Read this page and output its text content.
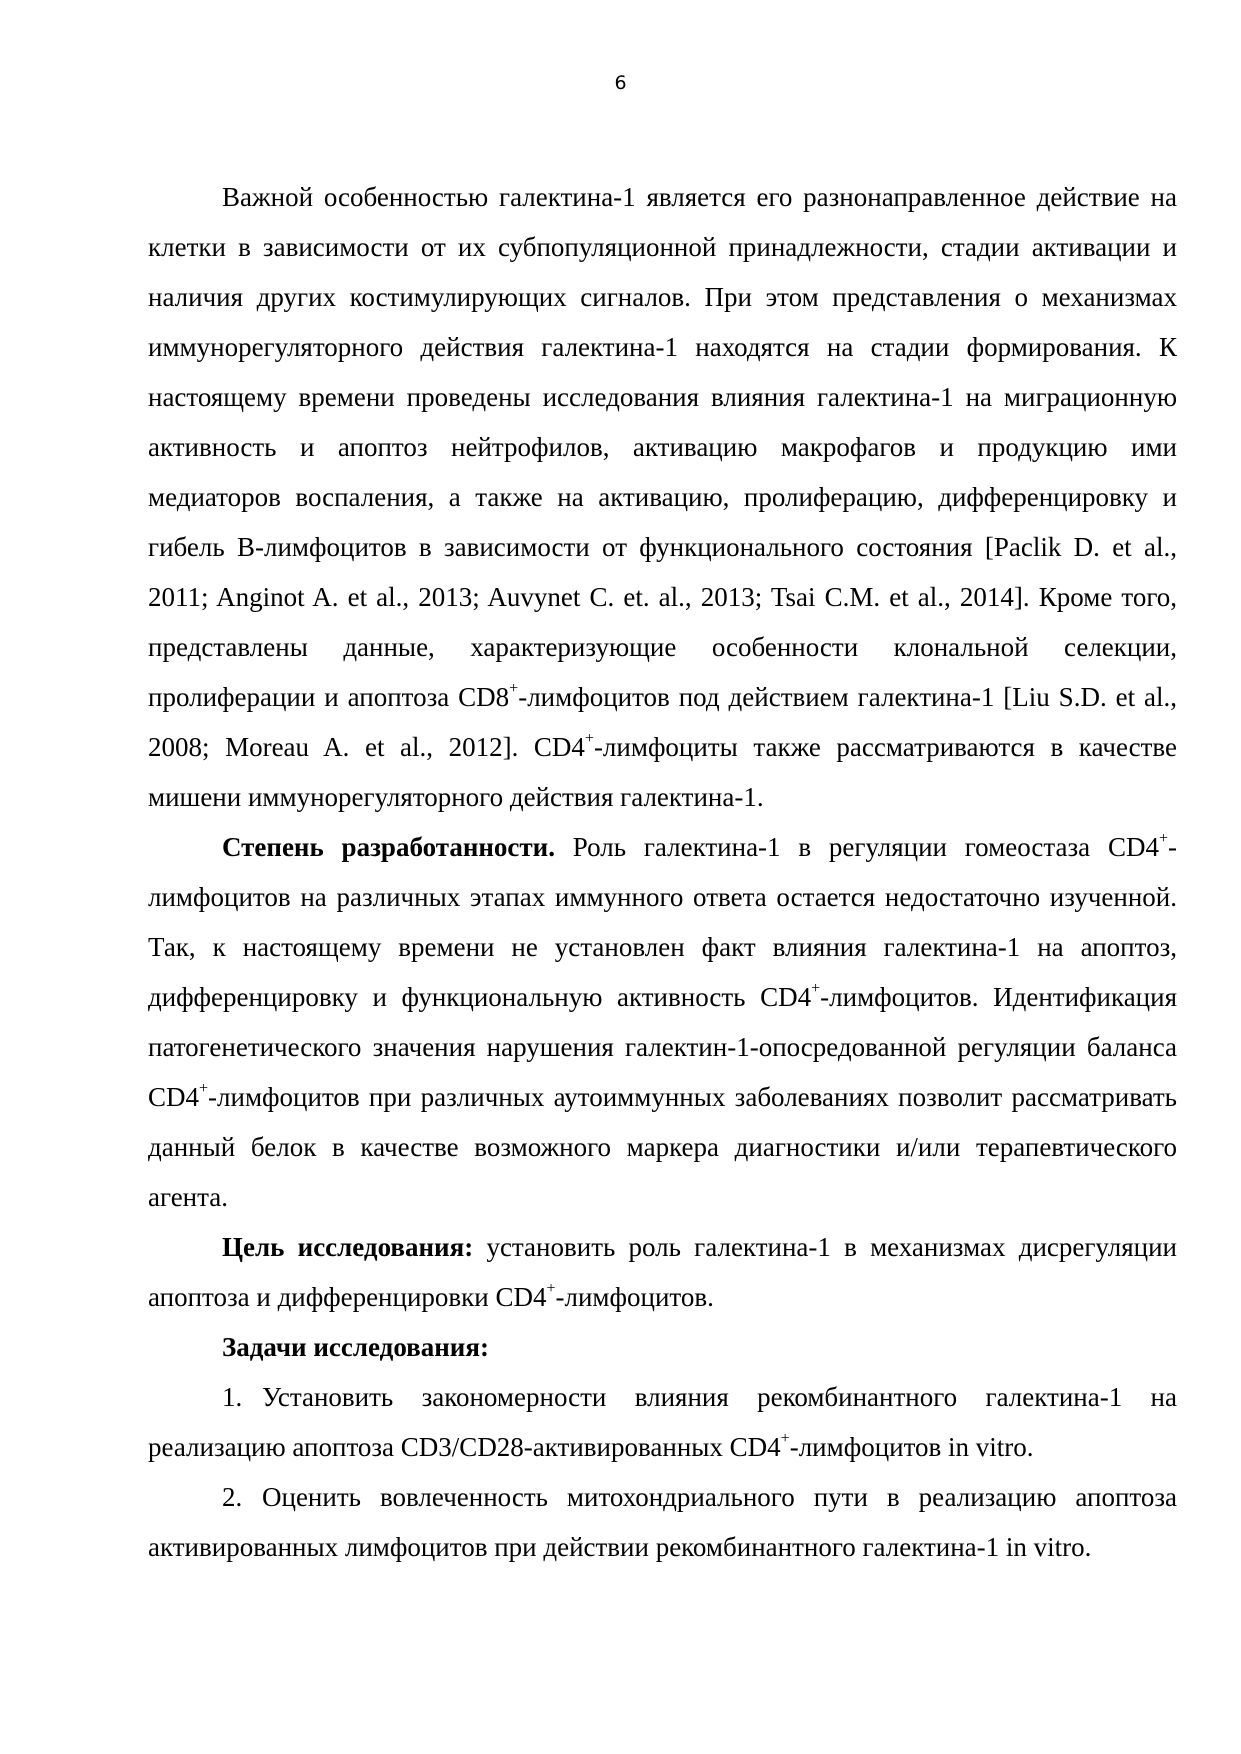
6

Важной особенностью галектина-1 является его разнонаправленное действие на клетки в зависимости от их субпопуляционной принадлежности, стадии активации и наличия других костимулирующих сигналов. При этом представления о механизмах иммунорегуляторного действия галектина-1 находятся на стадии формирования. К настоящему времени проведены исследования влияния галектина-1 на миграционную активность и апоптоз нейтрофилов, активацию макрофагов и продукцию ими медиаторов воспаления, а также на активацию, пролиферацию, дифференцировку и гибель В-лимфоцитов в зависимости от функционального состояния [Paclik D. et al., 2011; Anginot A. et al., 2013; Auvynet C. et. al., 2013; Tsai C.M. et al., 2014]. Кроме того, представлены данные, характеризующие особенности клональной селекции, пролиферации и апоптоза CD8+-лимфоцитов под действием галектина-1 [Liu S.D. et al., 2008; Moreau A. et al., 2012]. CD4+-лимфоциты также рассматриваются в качестве мишени иммунорегуляторного действия галектина-1.

Степень разработанности. Роль галектина-1 в регуляции гомеостаза CD4+-лимфоцитов на различных этапах иммунного ответа остается недостаточно изученной. Так, к настоящему времени не установлен факт влияния галектина-1 на апоптоз, дифференцировку и функциональную активность CD4+-лимфоцитов. Идентификация патогенетического значения нарушения галектин-1-опосредованной регуляции баланса CD4+-лимфоцитов при различных аутоиммунных заболеваниях позволит рассматривать данный белок в качестве возможного маркера диагностики и/или терапевтического агента.

Цель исследования: установить роль галектина-1 в механизмах дисрегуляции апоптоза и дифференцировки CD4+-лимфоцитов.

Задачи исследования:

1. Установить закономерности влияния рекомбинантного галектина-1 на реализацию апоптоза CD3/CD28-активированных CD4+-лимфоцитов in vitro.

2. Оценить вовлеченность митохондриального пути в реализацию апоптоза активированных лимфоцитов при действии рекомбинантного галектина-1 in vitro.
